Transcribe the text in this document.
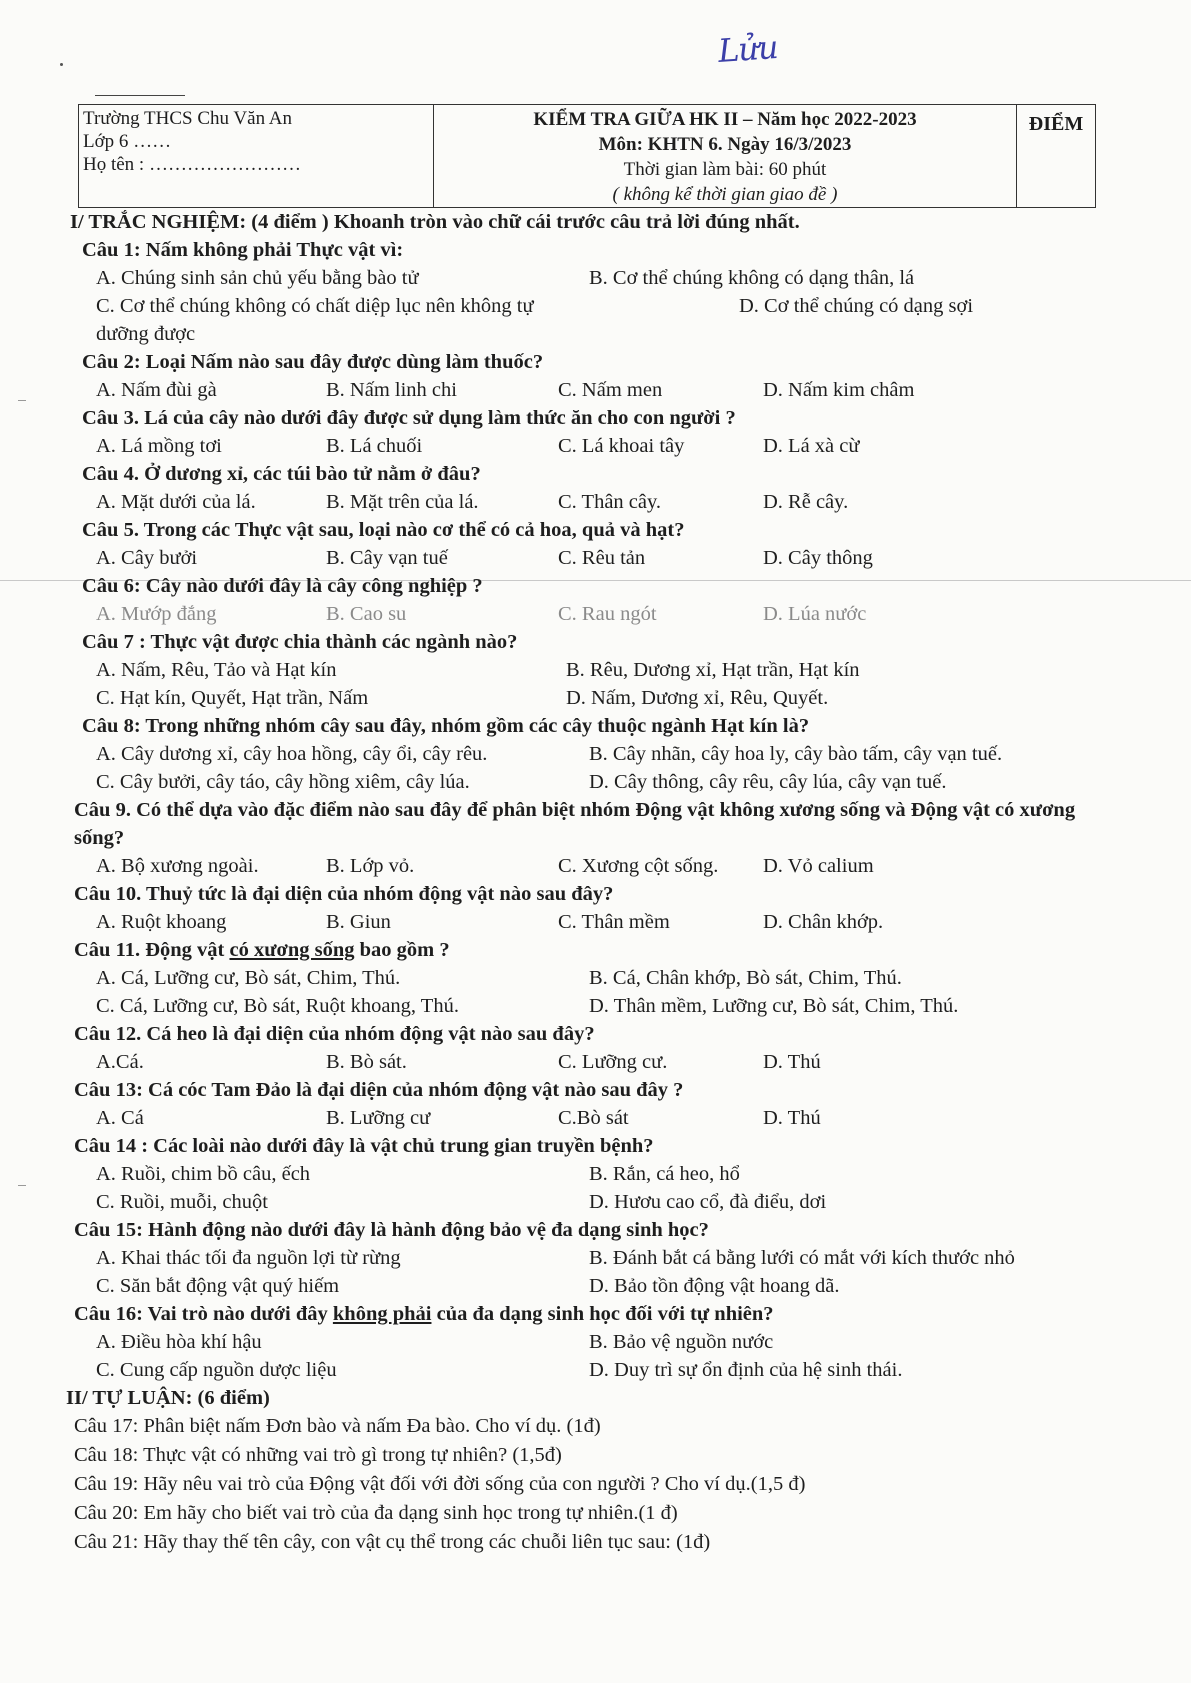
Lửu
Trường THCS Chu Văn An
Lớp 6 ……
Họ tên : ……………………
KIỂM TRA GIỮA HK II – Năm học 2022-2023
Môn: KHTN 6. Ngày 16/3/2023
Thời gian làm bài: 60 phút
( không kể thời gian giao đề )
ĐIỂM
I/ TRẮC NGHIỆM: (4 điểm ) Khoanh tròn vào chữ cái trước câu trả lời đúng nhất.
Câu 1: Nấm không phải Thực vật vì:
A. Chúng sinh sản chủ yếu bằng bào tử	B. Cơ thể chúng không có dạng thân, lá
C. Cơ thể chúng không có chất diệp lục nên không tự dưỡng được
D. Cơ thể chúng có dạng sợi
Câu 2: Loại Nấm nào sau đây được dùng làm thuốc?
A. Nấm đùi gà	B. Nấm linh chi	C. Nấm men	D. Nấm kim châm
Câu 3. Lá của cây nào dưới đây được sử dụng làm thức ăn cho con người ?
A. Lá mồng tơi	B. Lá chuối	C. Lá khoai tây	D. Lá xà cừ
Câu 4. Ở dương xỉ, các túi bào tử nằm ở đâu?
A. Mặt dưới của lá.	B. Mặt trên của lá.	C. Thân cây.	D. Rễ cây.
Câu 5. Trong các Thực vật sau, loại nào cơ thể có cả hoa, quả và hạt?
A. Cây bưởi	B. Cây vạn tuế	C. Rêu tản	D. Cây thông
Câu 6: Cây nào dưới đây là cây công nghiệp ?
A. Mướp đắng	B. Cao su	C. Rau ngót	D. Lúa nước
Câu 7 : Thực vật được chia thành các ngành nào?
A. Nấm, Rêu, Tảo và Hạt kín	B. Rêu, Dương xỉ, Hạt trần, Hạt kín
C. Hạt kín, Quyết, Hạt trần, Nấm	D. Nấm, Dương xỉ, Rêu, Quyết.
Câu 8: Trong những nhóm cây sau đây, nhóm gồm các cây thuộc ngành Hạt kín là?
A. Cây dương xỉ, cây hoa hồng, cây ổi, cây rêu.	B. Cây nhãn, cây hoa ly, cây bào tấm, cây vạn tuế.
C. Cây bưởi, cây táo, cây hồng xiêm, cây lúa.	D. Cây thông, cây rêu, cây lúa, cây vạn tuế.
Câu 9. Có thể dựa vào đặc điểm nào sau đây để phân biệt nhóm Động vật không xương sống và Động vật có xương sống?
A. Bộ xương ngoài.	B. Lớp vỏ.	C. Xương cột sống.	D. Vỏ calium
Câu 10. Thuỷ tức là đại diện của nhóm động vật nào sau đây?
A. Ruột khoang	B. Giun	C. Thân mềm	D. Chân khớp.
Câu 11. Động vật có xương sống bao gồm ?
A. Cá, Lưỡng cư, Bò sát, Chim, Thú.	B. Cá, Chân khớp, Bò sát, Chim, Thú.
C. Cá, Lưỡng cư, Bò sát, Ruột khoang, Thú.	D. Thân mềm, Lưỡng cư, Bò sát, Chim, Thú.
Câu 12. Cá heo là đại diện của nhóm động vật nào sau đây?
A.Cá.	B. Bò sát.	C. Lưỡng cư.	D. Thú
Câu 13: Cá cóc Tam Đảo là đại diện của nhóm động vật nào sau đây ?
A. Cá	B. Lưỡng cư	C.Bò sát	D. Thú
Câu 14 : Các loài nào dưới đây là vật chủ trung gian truyền bệnh?
A. Ruồi, chim bồ câu, ếch	B. Rắn, cá heo, hổ
C. Ruồi, muỗi, chuột	D. Hươu cao cổ, đà điểu, dơi
Câu 15: Hành động nào dưới đây là hành động bảo vệ đa dạng sinh học?
A. Khai thác tối đa nguồn lợi từ rừng	B. Đánh bắt cá bằng lưới có mắt với kích thước nhỏ
C. Săn bắt động vật quý hiếm	D. Bảo tồn động vật hoang dã.
Câu 16: Vai trò nào dưới đây không phải của đa dạng sinh học đối với tự nhiên?
A. Điều hòa khí hậu	B. Bảo vệ nguồn nước
C. Cung cấp nguồn dược liệu	D. Duy trì sự ổn định của hệ sinh thái.
II/ TỰ LUẬN: (6 điểm)
Câu 17: Phân biệt nấm Đơn bào và nấm Đa bào. Cho ví dụ. (1đ)
Câu 18: Thực vật có những vai trò gì trong tự nhiên? (1,5đ)
Câu 19: Hãy nêu vai trò của Động vật đối với đời sống của con người ? Cho ví dụ.(1,5 đ)
Câu 20: Em hãy cho biết vai trò của đa dạng sinh học trong tự nhiên.(1 đ)
Câu 21: Hãy thay thế tên cây, con vật cụ thể trong các chuỗi liên tục sau: (1đ)
